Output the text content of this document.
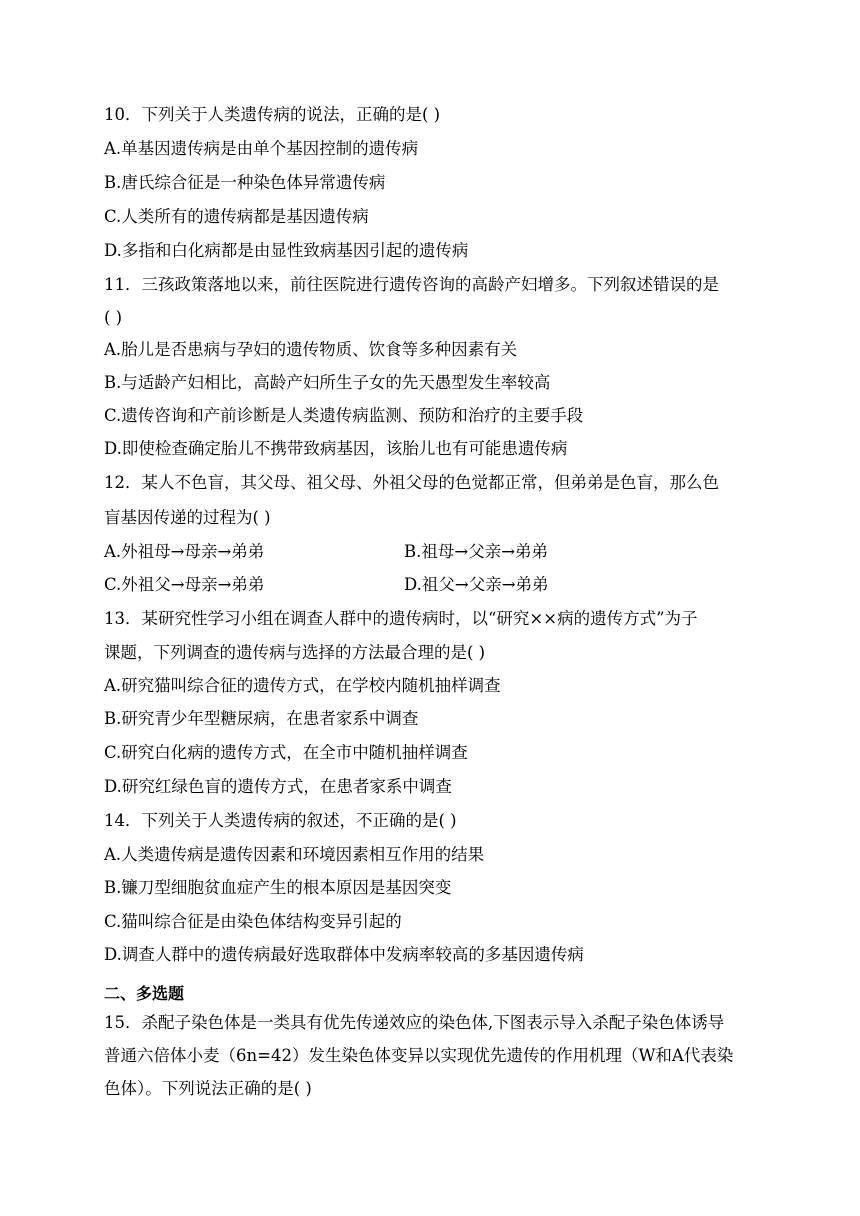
10．下列关于人类遗传病的说法，正确的是( )
A.单基因遗传病是由单个基因控制的遗传病
B.唐氏综合征是一种染色体异常遗传病
C.人类所有的遗传病都是基因遗传病
D.多指和白化病都是由显性致病基因引起的遗传病
11．三孩政策落地以来，前往医院进行遗传咨询的高龄产妇增多。下列叙述错误的是
( )
A.胎儿是否患病与孕妇的遗传物质、饮食等多种因素有关
B.与适龄产妇相比，高龄产妇所生子女的先天愚型发生率较高
C.遗传咨询和产前诊断是人类遗传病监测、预防和治疗的主要手段
D.即使检查确定胎儿不携带致病基因，该胎儿也有可能患遗传病
12．某人不色盲，其父母、祖父母、外祖父母的色觉都正常，但弟弟是色盲，那么色
盲基因传递的过程为( )
A.外祖母→母亲→弟弟	B.祖母→父亲→弟弟
C.外祖父→母亲→弟弟	D.祖父→父亲→弟弟
13．某研究性学习小组在调查人群中的遗传病时，以“研究××病的遗传方式”为子
课题，下列调查的遗传病与选择的方法最合理的是( )
A.研究猫叫综合征的遗传方式，在学校内随机抽样调查
B.研究青少年型糖尿病，在患者家系中调查
C.研究白化病的遗传方式，在全市中随机抽样调查
D.研究红绿色盲的遗传方式，在患者家系中调查
14．下列关于人类遗传病的叙述，不正确的是( )
A.人类遗传病是遗传因素和环境因素相互作用的结果
B.镰刀型细胞贫血症产生的根本原因是基因突变
C.猫叫综合征是由染色体结构变异引起的
D.调查人群中的遗传病最好选取群体中发病率较高的多基因遗传病
二、多选题
15．杀配子染色体是一类具有优先传递效应的染色体,下图表示导入杀配子染色体诱导
普通六倍体小麦（6n=42）发生染色体变异以实现优先遗传的作用机理（W和A代表染
色体）。下列说法正确的是( )
